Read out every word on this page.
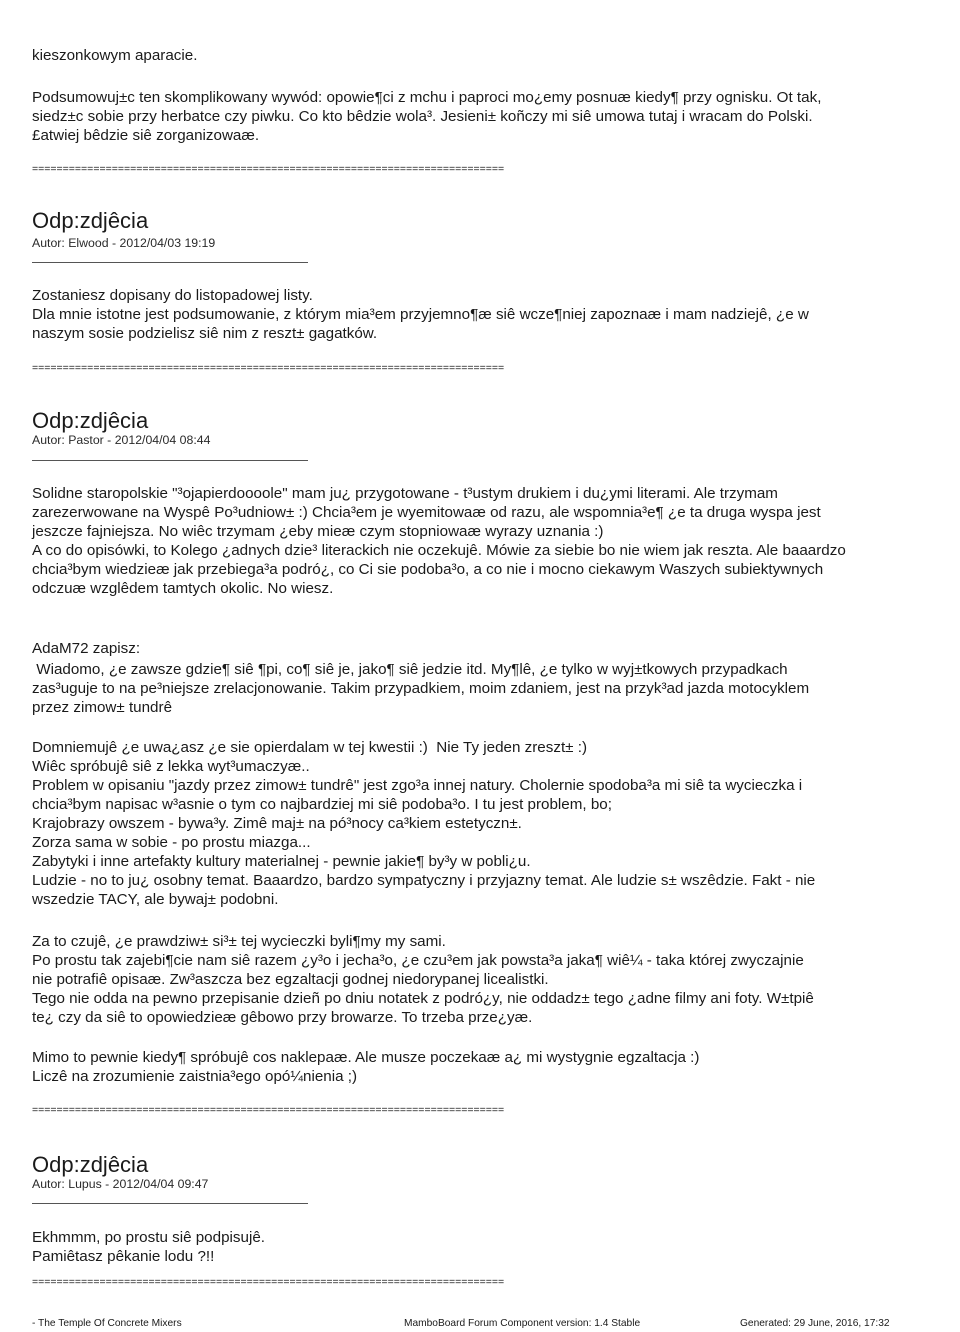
kieszonkowym aparacie.

Podsumowuj±c ten skomplikowany wywód: opowie¶ci z mchu i paproci mo¿emy posnuæ kiedy¶ przy ognisku. Ot tak,
siedz±c sobie przy herbatce czy piwku. Co kto bêdzie wola³. Jesieni± koñczy mi siê umowa tutaj i wracam do Polski.
£atwiej bêdzie siê zorganizowaæ.

=============================================================================

Odp:zdjêcia

Autor: Elwood - 2012/04/03 19:19

Zostaniesz dopisany do listopadowej listy.
Dla mnie istotne jest podsumowanie, z którym mia³em przyjemno¶æ siê wcze¶niej zapoznaæ i mam nadziejê, ¿e w
naszym sosie podzielisz siê nim z reszt± gagatków.

=============================================================================

Odp:zdjêcia

Autor: Pastor - 2012/04/04 08:44

Solidne staropolskie "³ojapierdoooole" mam ju¿ przygotowane - t³ustym drukiem i du¿ymi literami. Ale trzymam
zarezerwowane na Wyspê Po³udniow± :) Chcia³em je wyemitowaæ od razu, ale wspomnia³e¶ ¿e ta druga wyspa jest
jeszcze fajniejsza. No wiêc trzymam ¿eby mieæ czym stopniowaæ wyrazy uznania :)
A co do opisówki, to Kolego ¿adnych dzie³ literackich nie oczekujê. Mówie za siebie bo nie wiem jak reszta. Ale baaardzo
chcia³bym wiedzieæ jak przebiega³a podró¿, co Ci sie podoba³o, a co nie i mocno ciekawym Waszych subiektywnych
odczuæ wzglêdem tamtych okolic. No wiesz.

AdaM72 zapisz:

Wiadomo, ¿e zawsze gdzie¶ siê ¶pi, co¶ siê je, jako¶ siê jedzie itd. My¶lê, ¿e tylko w wyj±tkowych przypadkach
zas³uguje to na pe³niejsze zrelacjonowanie. Takim przypadkiem, moim zdaniem, jest na przyk³ad jazda motocyklem
przez zimow± tundrê

Domniemujê ¿e uwa¿asz ¿e sie opierdalam w tej kwestii :)  Nie Ty jeden zreszt± :)
Wiêc spróbujê siê z lekka wyt³umaczyæ..
Problem w opisaniu "jazdy przez zimow± tundrê" jest zgo³a innej natury. Cholernie spodoba³a mi siê ta wycieczka i
chcia³bym napisac w³asnie o tym co najbardziej mi siê podoba³o. I tu jest problem, bo;
Krajobrazy owszem - bywa³y. Zimê maj± na pó³nocy ca³kiem estetyczn±.
Zorza sama w sobie - po prostu miazga...
Zabytyki i inne artefakty kultury materialnej - pewnie jakie¶ by³y w pobli¿u.
Ludzie - no to ju¿ osobny temat. Baaardzo, bardzo sympatyczny i przyjazny temat. Ale ludzie s± wszêdzie. Fakt - nie
wszedzie TACY, ale bywaj± podobni.

Za to czujê, ¿e prawdziw± si³± tej wycieczki byli¶my my sami.
Po prostu tak zajebi¶cie nam siê razem ¿y³o i jecha³o, ¿e czu³em jak powsta³a jaka¶ wiê¼ - taka której zwyczajnie
nie potrafiê opisaæ. Zw³aszcza bez egzaltacji godnej niedorypanej licealistki.
Tego nie odda na pewno przepisanie dzieñ po dniu notatek z podró¿y, nie oddadz± tego ¿adne filmy ani foty. W±tpiê
te¿ czy da siê to opowiedzieæ gêbowo przy browarze. To trzeba prze¿yæ.

Mimo to pewnie kiedy¶ spróbujê cos naklepaæ. Ale musze poczekaæ a¿ mi wystygnie egzaltacja :)
Liczê na zrozumienie zaistnia³ego opó¼nienia ;)

=============================================================================

Odp:zdjêcia

Autor: Lupus - 2012/04/04 09:47

Ekhmmm, po prostu siê podpisujê.
Pamiêtasz pêkanie lodu ?!!

=============================================================================

- The Temple Of Concrete Mixers	MamboBoard Forum Component version: 1.4 Stable	Generated: 29 June, 2016, 17:32
